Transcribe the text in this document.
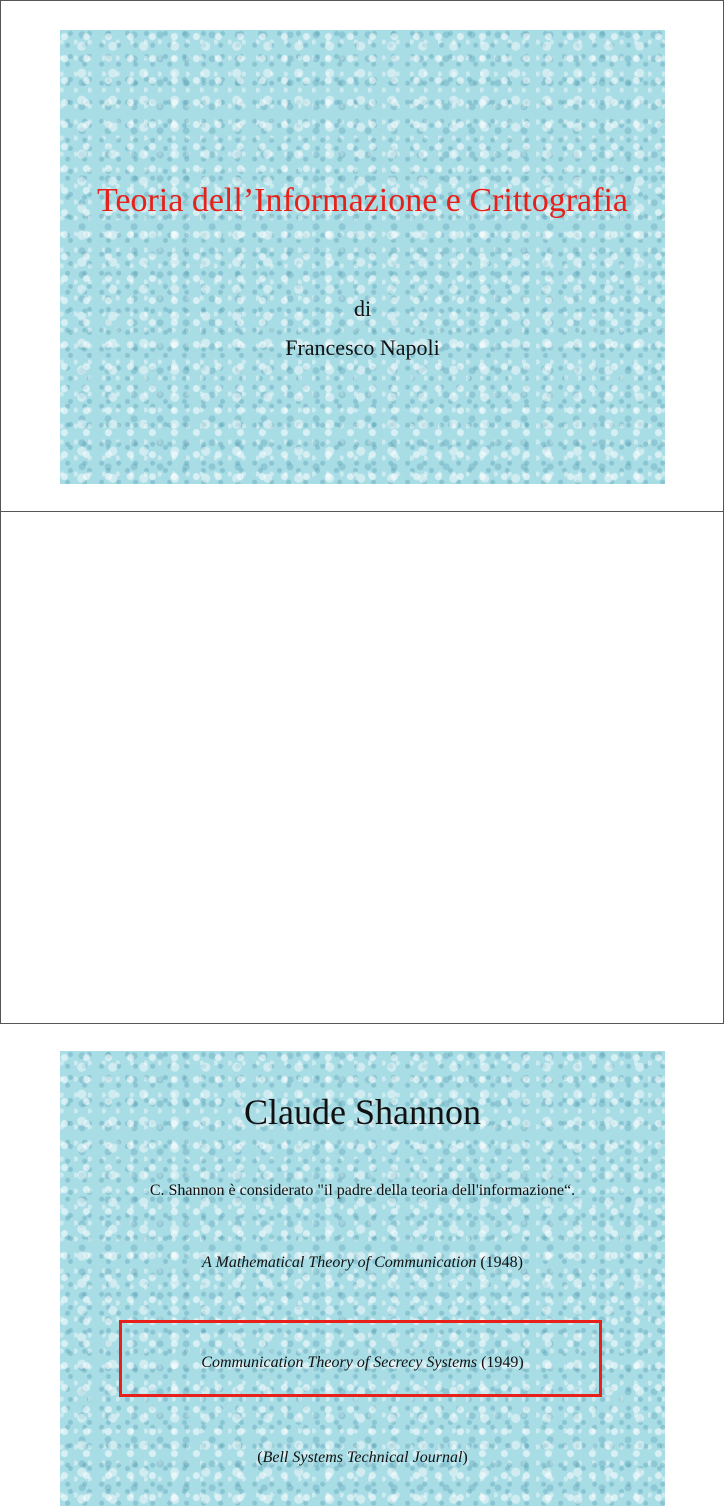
Teoria dell’Informazione e Crittografia
di
Francesco Napoli
Claude Shannon
C. Shannon è considerato "il padre della teoria dell'informazione“.
A Mathematical Theory of Communication (1948)
Communication Theory of Secrecy Systems (1949)
(Bell Systems Technical Journal)
